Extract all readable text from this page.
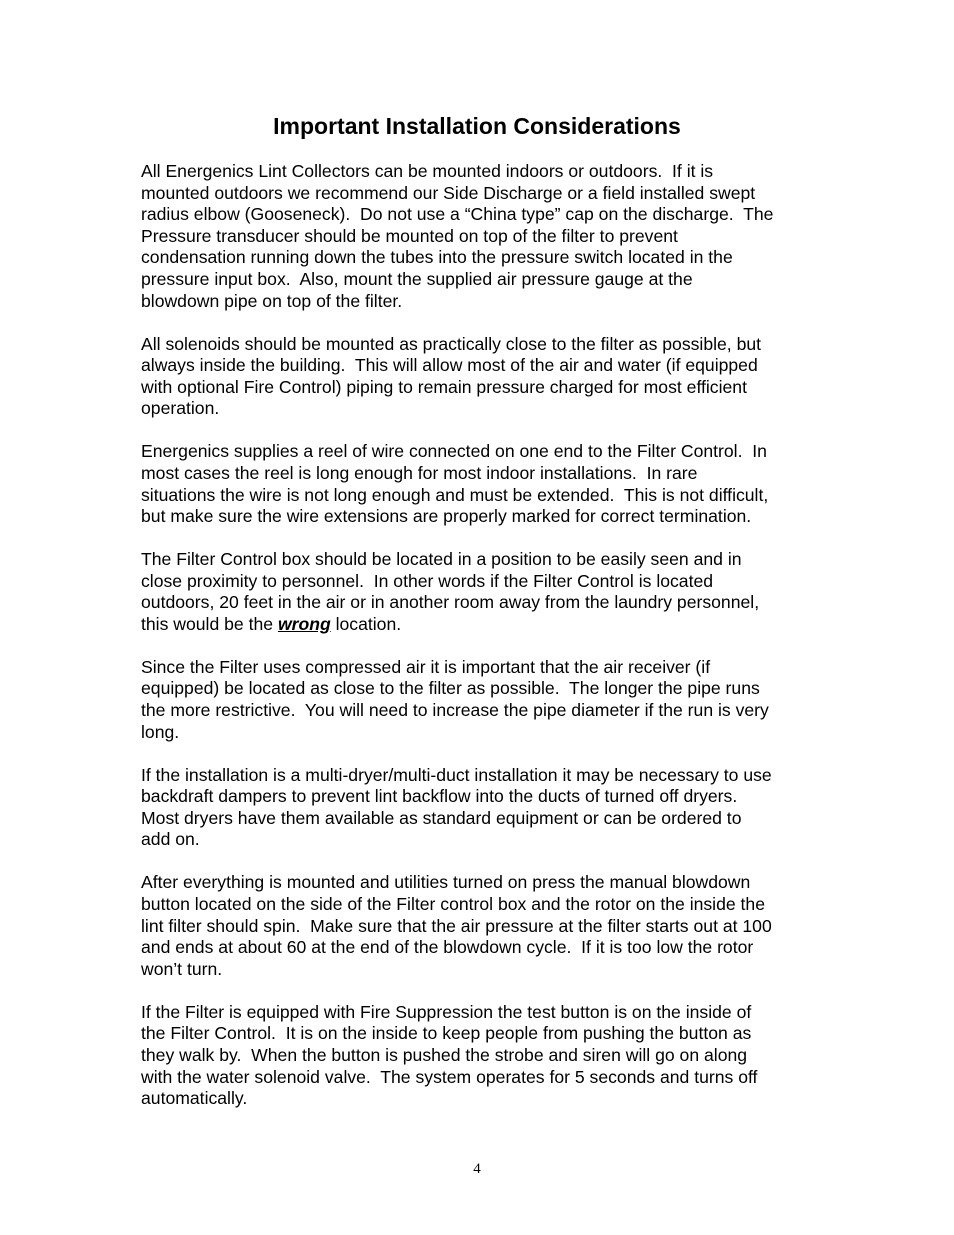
Important Installation Considerations
All Energenics Lint Collectors can be mounted indoors or outdoors.  If it is
mounted outdoors we recommend our Side Discharge or a field installed swept
radius elbow (Gooseneck).  Do not use a “China type” cap on the discharge.  The
Pressure transducer should be mounted on top of the filter to prevent
condensation running down the tubes into the pressure switch located in the
pressure input box.  Also, mount the supplied air pressure gauge at the
blowdown pipe on top of the filter.
All solenoids should be mounted as practically close to the filter as possible, but
always inside the building.  This will allow most of the air and water (if equipped
with optional Fire Control) piping to remain pressure charged for most efficient
operation.
Energenics supplies a reel of wire connected on one end to the Filter Control.  In
most cases the reel is long enough for most indoor installations.  In rare
situations the wire is not long enough and must be extended.  This is not difficult,
but make sure the wire extensions are properly marked for correct termination.
The Filter Control box should be located in a position to be easily seen and in
close proximity to personnel.  In other words if the Filter Control is located
outdoors, 20 feet in the air or in another room away from the laundry personnel,
this would be the wrong location.
Since the Filter uses compressed air it is important that the air receiver (if
equipped) be located as close to the filter as possible.  The longer the pipe runs
the more restrictive.  You will need to increase the pipe diameter if the run is very
long.
If the installation is a multi-dryer/multi-duct installation it may be necessary to use
backdraft dampers to prevent lint backflow into the ducts of turned off dryers.
Most dryers have them available as standard equipment or can be ordered to
add on.
After everything is mounted and utilities turned on press the manual blowdown
button located on the side of the Filter control box and the rotor on the inside the
lint filter should spin.  Make sure that the air pressure at the filter starts out at 100
and ends at about 60 at the end of the blowdown cycle.  If it is too low the rotor
won’t turn.
If the Filter is equipped with Fire Suppression the test button is on the inside of
the Filter Control.  It is on the inside to keep people from pushing the button as
they walk by.  When the button is pushed the strobe and siren will go on along
with the water solenoid valve.  The system operates for 5 seconds and turns off
automatically.
4
